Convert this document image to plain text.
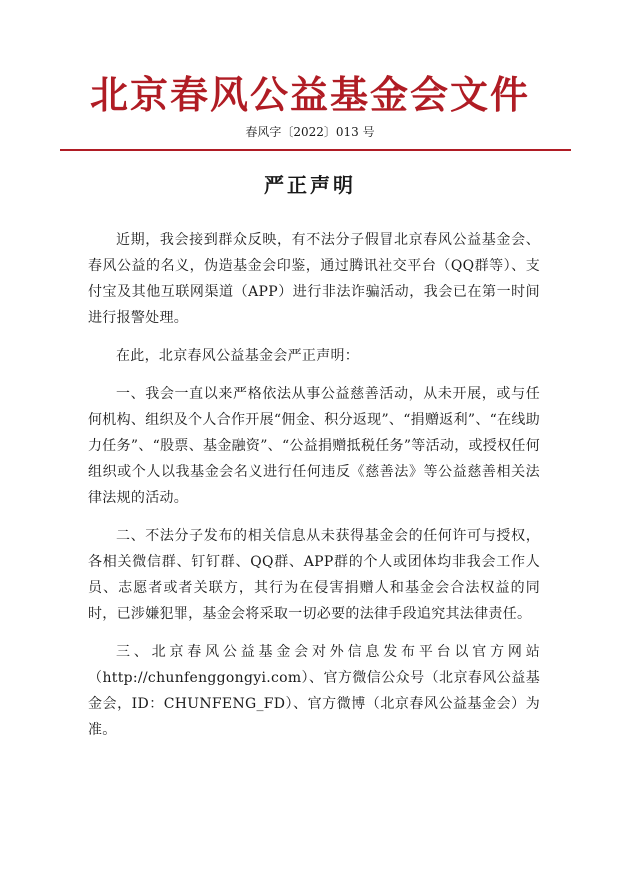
北京春风公益基金会文件
春风字〔2022〕013 号
严正声明

近期，我会接到群众反映，有不法分子假冒北京春风公益基金会、春风公益的名义，伪造基金会印鉴，通过腾讯社交平台（QQ群等）、支付宝及其他互联网渠道（APP）进行非法诈骗活动，我会已在第一时间进行报警处理。

在此，北京春风公益基金会严正声明：

一、我会一直以来严格依法从事公益慈善活动，从未开展，或与任何机构、组织及个人合作开展“佣金、积分返现”、“捐赠返利”、“在线助力任务”、“股票、基金融资”、“公益捐赠抵税任务”等活动，或授权任何组织或个人以我基金会名义进行任何违反《慈善法》等公益慈善相关法律法规的活动。

二、不法分子发布的相关信息从未获得基金会的任何许可与授权，各相关微信群、钉钉群、QQ群、APP群的个人或团体均非我会工作人员、志愿者或者关联方，其行为在侵害捐赠人和基金会合法权益的同时，已涉嫌犯罪，基金会将采取一切必要的法律手段追究其法律责任。

三、北京春风公益基金会对外信息发布平台以官方网站（http://chunfenggongyi.com）、官方微信公众号（北京春风公益基金会，ID：CHUNFENG_FD）、官方微博（北京春风公益基金会）为准。
